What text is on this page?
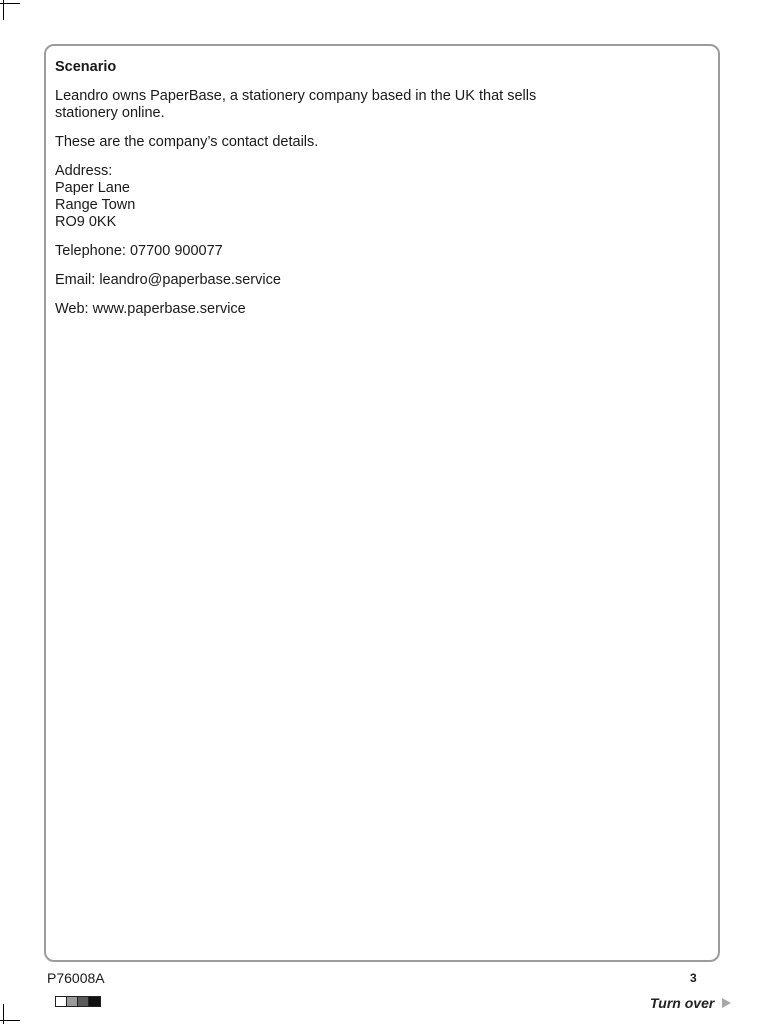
Scenario

Leandro owns PaperBase, a stationery company based in the UK that sells
stationery online.

These are the company’s contact details.

Address:
Paper Lane
Range Town
RO9 0KK

Telephone: 07700 900077

Email: leandro@paperbase.service

Web: www.paperbase.service

P76008A	3
Turn over
